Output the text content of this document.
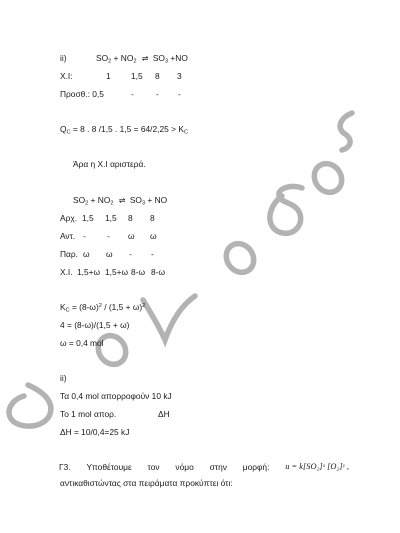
ii)	$SO_2 + NO_2$ ⇌ $SO_3 +NO$
Χ.Ι:	1 1,5 8 3
Προσθ.: 0,5	-	- -
$Q_C = 8$ . 8 /1,5 . $1,5 = 64/2,25 > K_C$
Άρα η Χ.Ι αριστερά.
$SO_2 + NO_2$ ⇌ $SO_3$ + NO
Αρχ. 1,5 1,5 8 8
Αντ. -	- ω ω
Παρ. ω ω - -
Χ.Ι. 1,5+ω 1,5+ω 8-ω 8-ω
$K_C = (8-\omega)^2 / (1,5 + \omega)^2$
4 = (8-ω)/(1,5 + ω)
ω = 0,4 mol
ii)
Τα 0,4 mol απορροφούν 10 kJ
Το 1 mol απορ.	ΔΗ
ΔΗ = 10/0,4=25 kJ
Γ3. Υποθέτουμε τον νόμο στην μορφή: u = k[SO₂]ˣ [O₂]ʸ ,
αντικαθιστώντας στα πειράματα προκύπτει ότι:
